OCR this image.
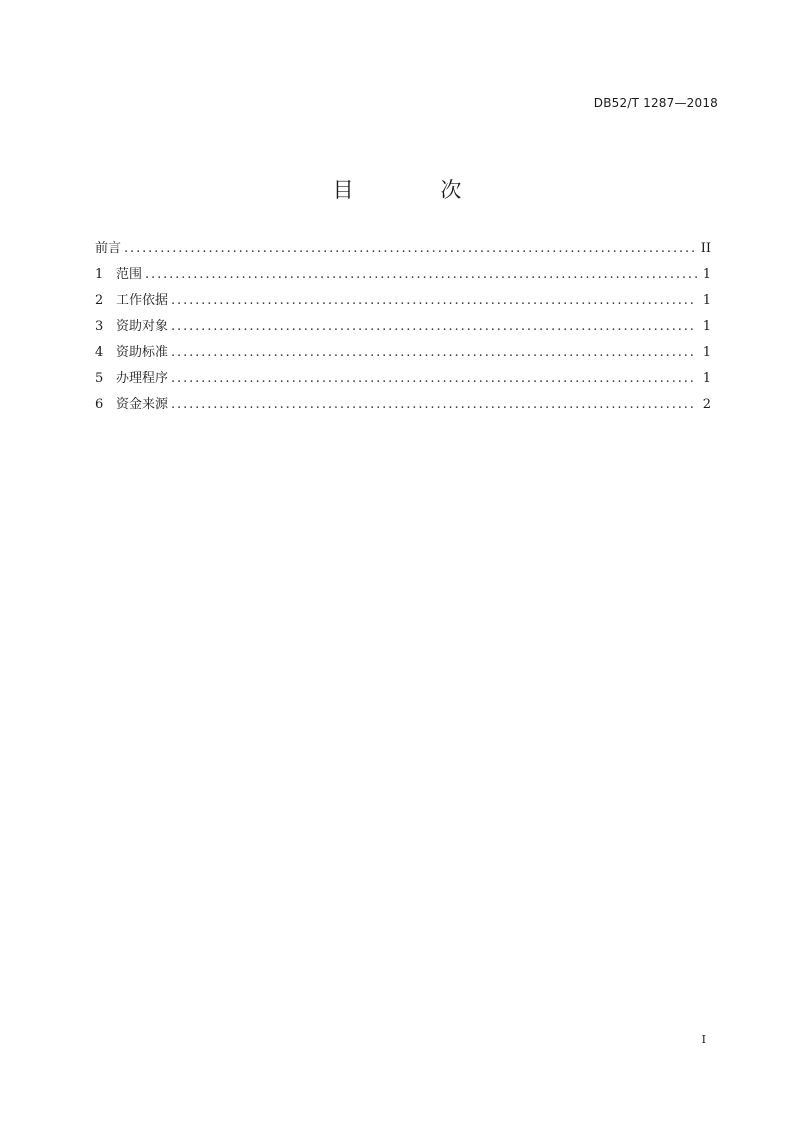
DB52/T 1287—2018
目 次
前言 .....	II
1 范围 .....	1
2 工作依据 .....	1
3 资助对象 .....	1
4 资助标准 .....	1
5 办理程序 .....	1
6 资金来源 .....	2
I
